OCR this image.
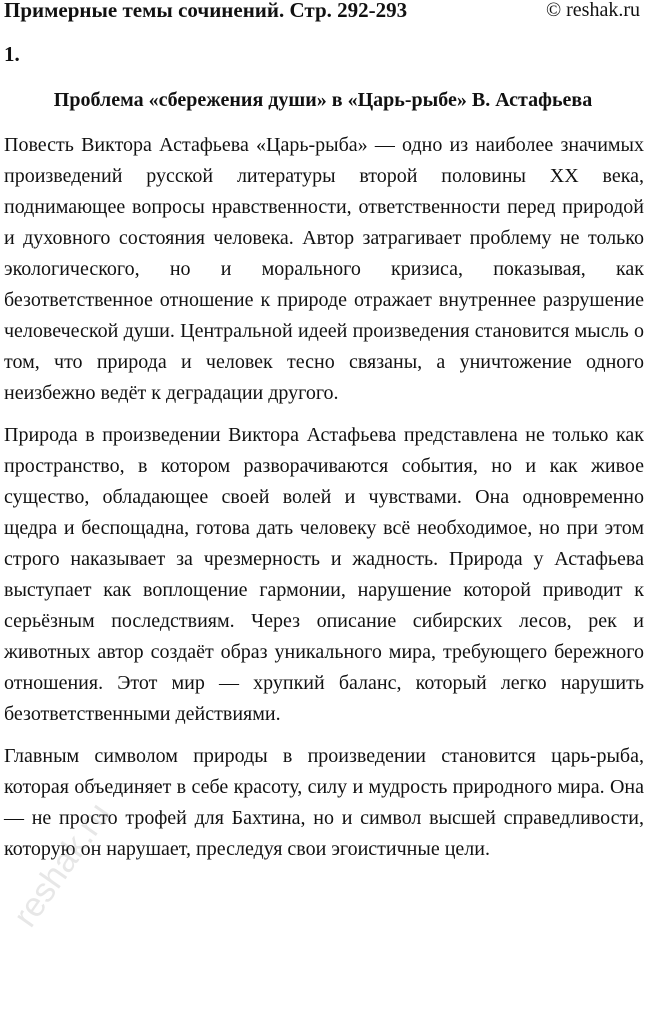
Примерные темы сочинений. Стр. 292-293	© reshak.ru
1.
Проблема «сбережения души» в «Царь-рыбе» В. Астафьева

Повесть Виктора Астафьева «Царь-рыба» — одно из наиболее значимых произведений русской литературы второй половины XX века, поднимающее вопросы нравственности, ответственности перед природой и духовного состояния человека. Автор затрагивает проблему не только экологического, но и морального кризиса, показывая, как безответственное отношение к природе отражает внутреннее разрушение человеческой души. Центральной идеей произведения становится мысль о том, что природа и человек тесно связаны, а уничтожение одного неизбежно ведёт к деградации другого.

Природа в произведении Виктора Астафьева представлена не только как пространство, в котором разворачиваются события, но и как живое существо, обладающее своей волей и чувствами. Она одновременно щедра и беспощадна, готова дать человеку всё необходимое, но при этом строго наказывает за чрезмерность и жадность. Природа у Астафьева выступает как воплощение гармонии, нарушение которой приводит к серьёзным последствиям. Через описание сибирских лесов, рек и животных автор создаёт образ уникального мира, требующего бережного отношения. Этот мир — хрупкий баланс, который легко нарушить безответственными действиями.

Главным символом природы в произведении становится царь-рыба, которая объединяет в себе красоту, силу и мудрость природного мира. Она — не просто трофей для Бахтина, но и символ высшей справедливости, которую он нарушает, преследуя свои эгоистичные цели.

reshak.ru
